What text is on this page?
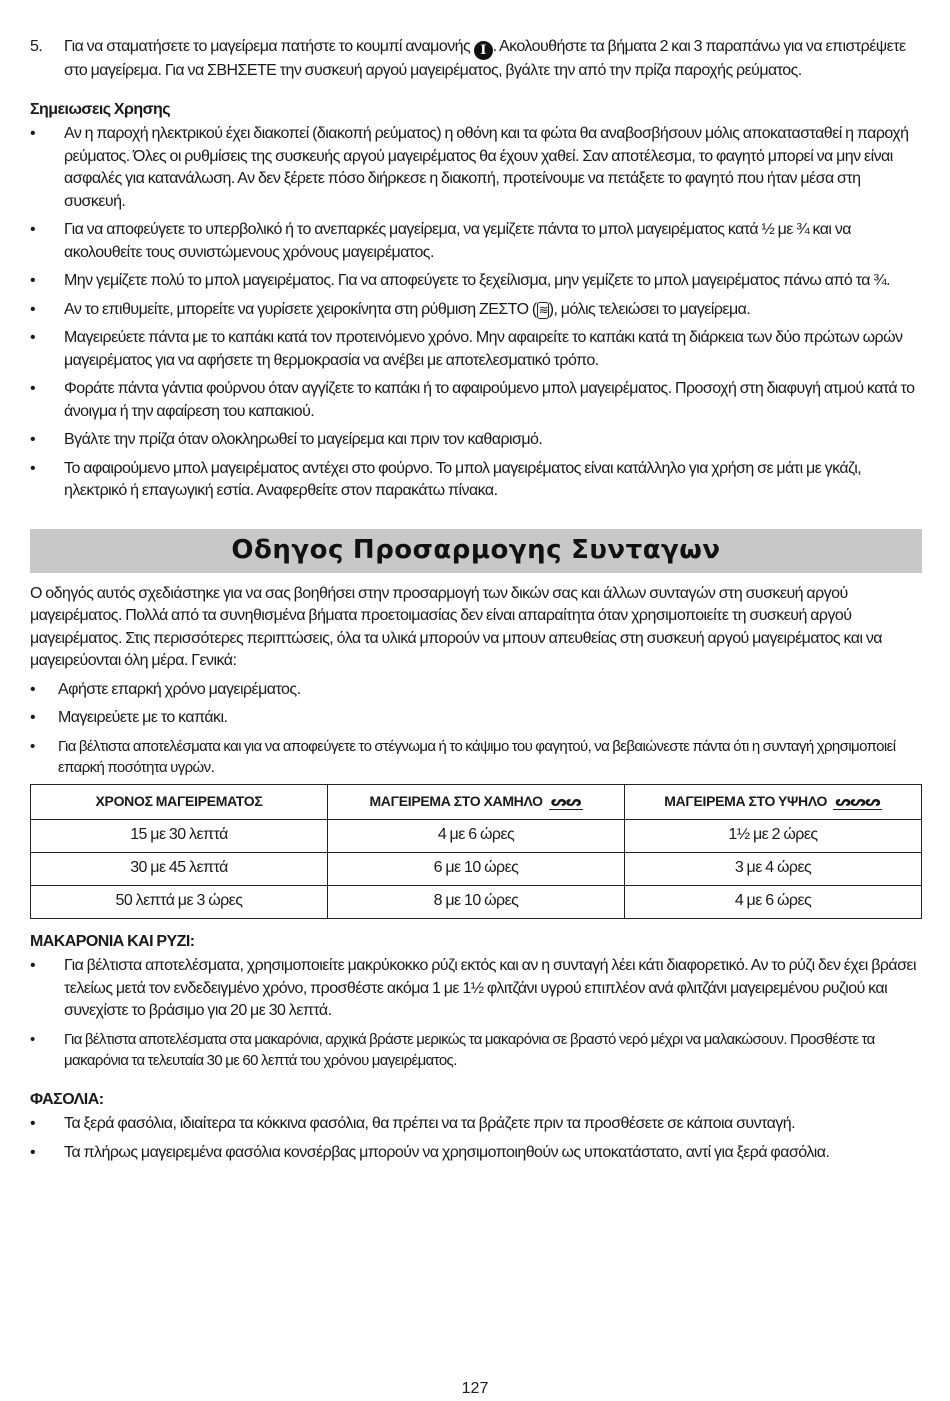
5. Για να σταματήσετε το μαγείρεμα πατήστε το κουμπί αναμονής I . Ακολουθήστε τα βήματα 2 και 3 παραπάνω για να επιστρέψετε στο μαγείρεμα. Για να ΣΒΗΣΕΤΕ την συσκευή αργού μαγειρέματος, βγάλτε την από την πρίζα παροχής ρεύματος.
Σημειωσεις Χρησης
• Αν η παροχή ηλεκτρικού έχει διακοπεί (διακοπή ρεύματος) η οθόνη και τα φώτα θα αναβοσβήσουν μόλις αποκατασταθεί η παροχή ρεύματος. Όλες οι ρυθμίσεις της συσκευής αργού μαγειρέματος θα έχουν χαθεί. Σαν αποτέλεσμα, το φαγητό μπορεί να μην είναι ασφαλές για κατανάλωση. Αν δεν ξέρετε πόσο διήρκεσε η διακοπή, προτείνουμε να πετάξετε το φαγητό που ήταν μέσα στη συσκευή.
• Για να αποφεύγετε το υπερβολικό ή το ανεπαρκές μαγείρεμα, να γεμίζετε πάντα το μπολ μαγειρέματος κατά ½ με ¾ και να ακολουθείτε τους συνιστώμενους χρόνους μαγειρέματος.
• Μην γεμίζετε πολύ το μπολ μαγειρέματος. Για να αποφεύγετε το ξεχείλισμα, μην γεμίζετε το μπολ μαγειρέματος πάνω από τα ¾.
• Αν το επιθυμείτε, μπορείτε να γυρίσετε χειροκίνητα στη ρύθμιση ΖΕΣΤΟ ( ≋ ), μόλις τελειώσει το μαγείρεμα.
• Μαγειρεύετε πάντα με το καπάκι κατά τον προτεινόμενο χρόνο. Μην αφαιρείτε το καπάκι κατά τη διάρκεια των δύο πρώτων ωρών μαγειρέματος για να αφήσετε τη θερμοκρασία να ανέβει με αποτελεσματικό τρόπο.
• Φοράτε πάντα γάντια φούρνου όταν αγγίζετε το καπάκι ή το αφαιρούμενο μπολ μαγειρέματος. Προσοχή στη διαφυγή ατμού κατά το άνοιγμα ή την αφαίρεση του καπακιού.
• Βγάλτε την πρίζα όταν ολοκληρωθεί το μαγείρεμα και πριν τον καθαρισμό.
• Το αφαιρούμενο μπολ μαγειρέματος αντέχει στο φούρνο. Το μπολ μαγειρέματος είναι κατάλληλο για χρήση σε μάτι με γκάζι, ηλεκτρικό ή επαγωγική εστία. Αναφερθείτε στον παρακάτω πίνακα.
Οδηγος Προσαρμογης Συνταγων

Ο οδηγός αυτός σχεδιάστηκε για να σας βοηθήσει στην προσαρμογή των δικών σας και άλλων συνταγών στη συσκευή αργού μαγειρέματος. Πολλά από τα συνηθισμένα βήματα προετοιμασίας δεν είναι απαραίτητα όταν χρησιμοποιείτε τη συσκευή αργού μαγειρέματος. Στις περισσότερες περιπτώσεις, όλα τα υλικά μπορούν να μπουν απευθείας στη συσκευή αργού μαγειρέματος και να μαγειρεύονται όλη μέρα. Γενικά:

• Αφήστε επαρκή χρόνο μαγειρέματος.
• Μαγειρεύετε με το καπάκι.
• Για βέλτιστα αποτελέσματα και για να αποφεύγετε το στέγνωμα ή το κάψιμο του φαγητού, να βεβαιώνεστε πάντα ότι η συνταγή χρησιμοποιεί επαρκή ποσότητα υγρών.
ΧΡΟΝΟΣ ΜΑΓΕΙΡΕΜΑΤΟΣ	ΜΑΓΕΙΡΕΜΑ ΣΤΟ ΧΑΜΗΛΟ ᔕᔕ	ΜΑΓΕΙΡΕΜΑ ΣΤΟ ΥΨΗΛΟ ᔕᔕᔕ
15 με 30 λεπτά	4 με 6 ώρες	1½ με 2 ώρες
30 με 45 λεπτά	6 με 10 ώρες	3 με 4 ώρες
50 λεπτά με 3 ώρες	8 με 10 ώρες	4 με 6 ώρες
ΜΑΚΑΡΟΝΙΑ ΚΑΙ ΡΥΖΙ:
• Για βέλτιστα αποτελέσματα, χρησιμοποιείτε μακρύκοκκο ρύζι εκτός και αν η συνταγή λέει κάτι διαφορετικό. Αν το ρύζι δεν έχει βράσει τελείως μετά τον ενδεδειγμένο χρόνο, προσθέστε ακόμα 1 με 1½ φλιτζάνι υγρού επιπλέον ανά φλιτζάνι μαγειρεμένου ρυζιού και συνεχίστε το βράσιμο για 20 με 30 λεπτά.
• Για βέλτιστα αποτελέσματα στα μακαρόνια, αρχικά βράστε μερικώς τα μακαρόνια σε βραστό νερό μέχρι να μαλακώσουν. Προσθέστε τα μακαρόνια τα τελευταία 30 με 60 λεπτά του χρόνου μαγειρέματος.
ΦΑΣΟΛΙΑ:
• Τα ξερά φασόλια, ιδιαίτερα τα κόκκινα φασόλια, θα πρέπει να τα βράζετε πριν τα προσθέσετε σε κάποια συνταγή.
• Τα πλήρως μαγειρεμένα φασόλια κονσέρβας μπορούν να χρησιμοποιηθούν ως υποκατάστατο, αντί για ξερά φασόλια.
127
